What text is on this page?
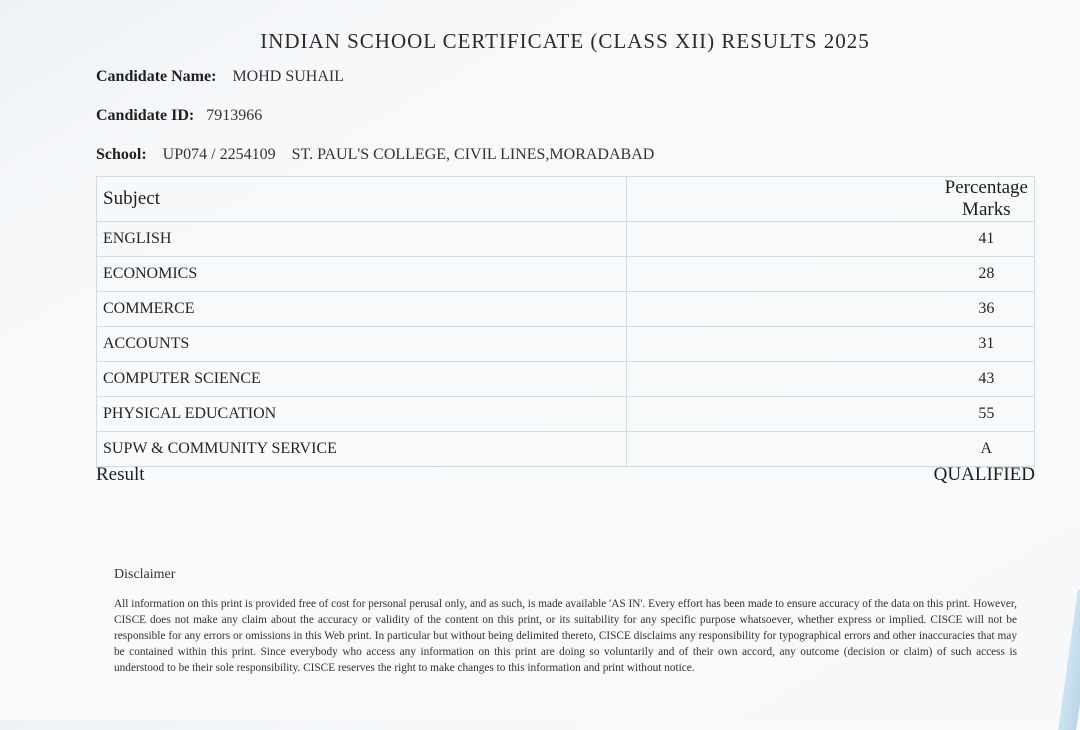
INDIAN SCHOOL CERTIFICATE (CLASS XII) RESULTS 2025
Candidate Name: MOHD SUHAIL
Candidate ID: 7913966
School: UP074 / 2254109 ST. PAUL'S COLLEGE, CIVIL LINES,MORADABAD
Subject	Percentage Marks
ENGLISH	41
ECONOMICS	28
COMMERCE	36
ACCOUNTS	31
COMPUTER SCIENCE	43
PHYSICAL EDUCATION	55
SUPW & COMMUNITY SERVICE	A
Result	QUALIFIED
Disclaimer
All information on this print is provided free of cost for personal perusal only, and as such, is made available 'AS IN'. Every effort has been made to ensure accuracy of the data on this print. However, CISCE does not make any claim about the accuracy or validity of the content on this print, or its suitability for any specific purpose whatsoever, whether express or implied. CISCE will not be responsible for any errors or omissions in this Web print. In particular but without being delimited thereto, CISCE disclaims any responsibility for typographical errors and other inaccuracies that may be contained within this print. Since everybody who access any information on this print are doing so voluntarily and of their own accord, any outcome (decision or claim) of such access is understood to be their sole responsibility. CISCE reserves the right to make changes to this information and print without notice.
